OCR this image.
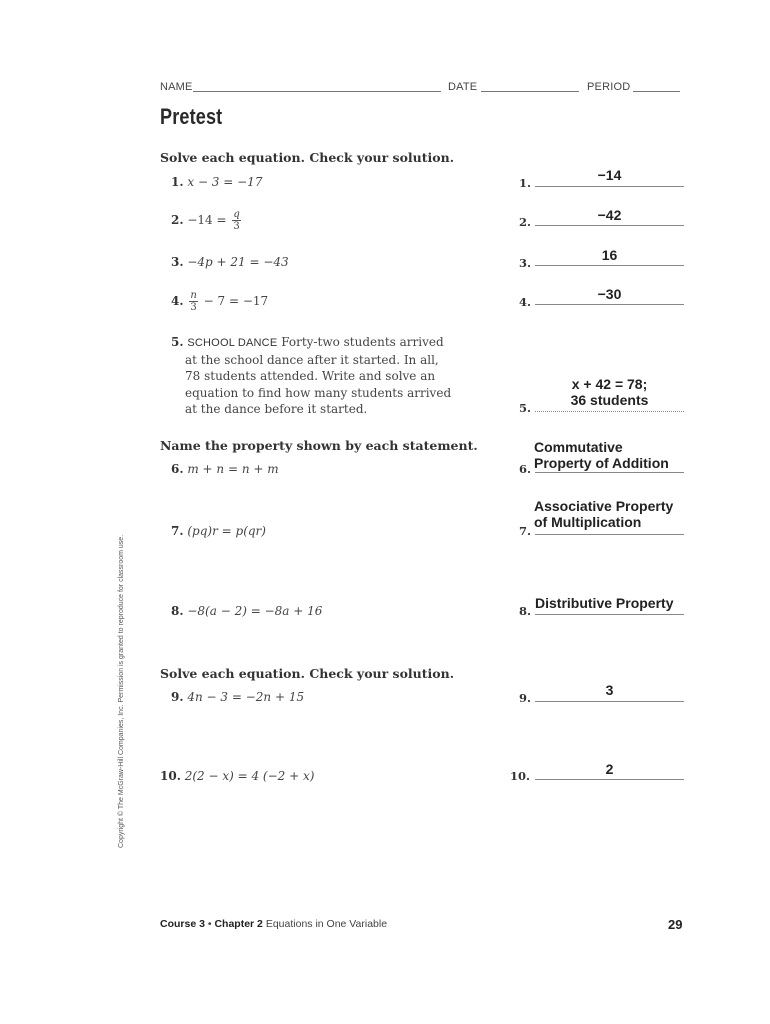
NAME	DATE	PERIOD
Pretest
Solve each equation. Check your solution.
1. x − 3 = −17
2. $-14 = \frac{q}{3}$
3. −4p + 21 = −43
4. $\frac{n}{3} - 7 = -17$
5. SCHOOL DANCE Forty-two students arrived
at the school dance after it started. In all,
78 students attended. Write and solve an
equation to find how many students arrived
at the dance before it started.
Name the property shown by each statement.
6. m + n = n + m
7. (pq)r = p(qr)
8. −8(a − 2) = −8a + 16
Solve each equation. Check your solution.
9. 4n − 3 = −2n + 15
10. 2(2 − x) = 4 (−2 + x)
1.	−14
2.	−42
3.	16
4.	−30
5.
x + 42 = 78;
36 students
6.
Commutative
Property of Addition
7.
Associative Property
of Multiplication
8. Distributive Property
9.	3
10.	2
Copyright © The McGraw-Hill Companies, Inc. Permission is granted to reproduce for classroom use.
Course 3 • Chapter 2 Equations in One Variable	29
